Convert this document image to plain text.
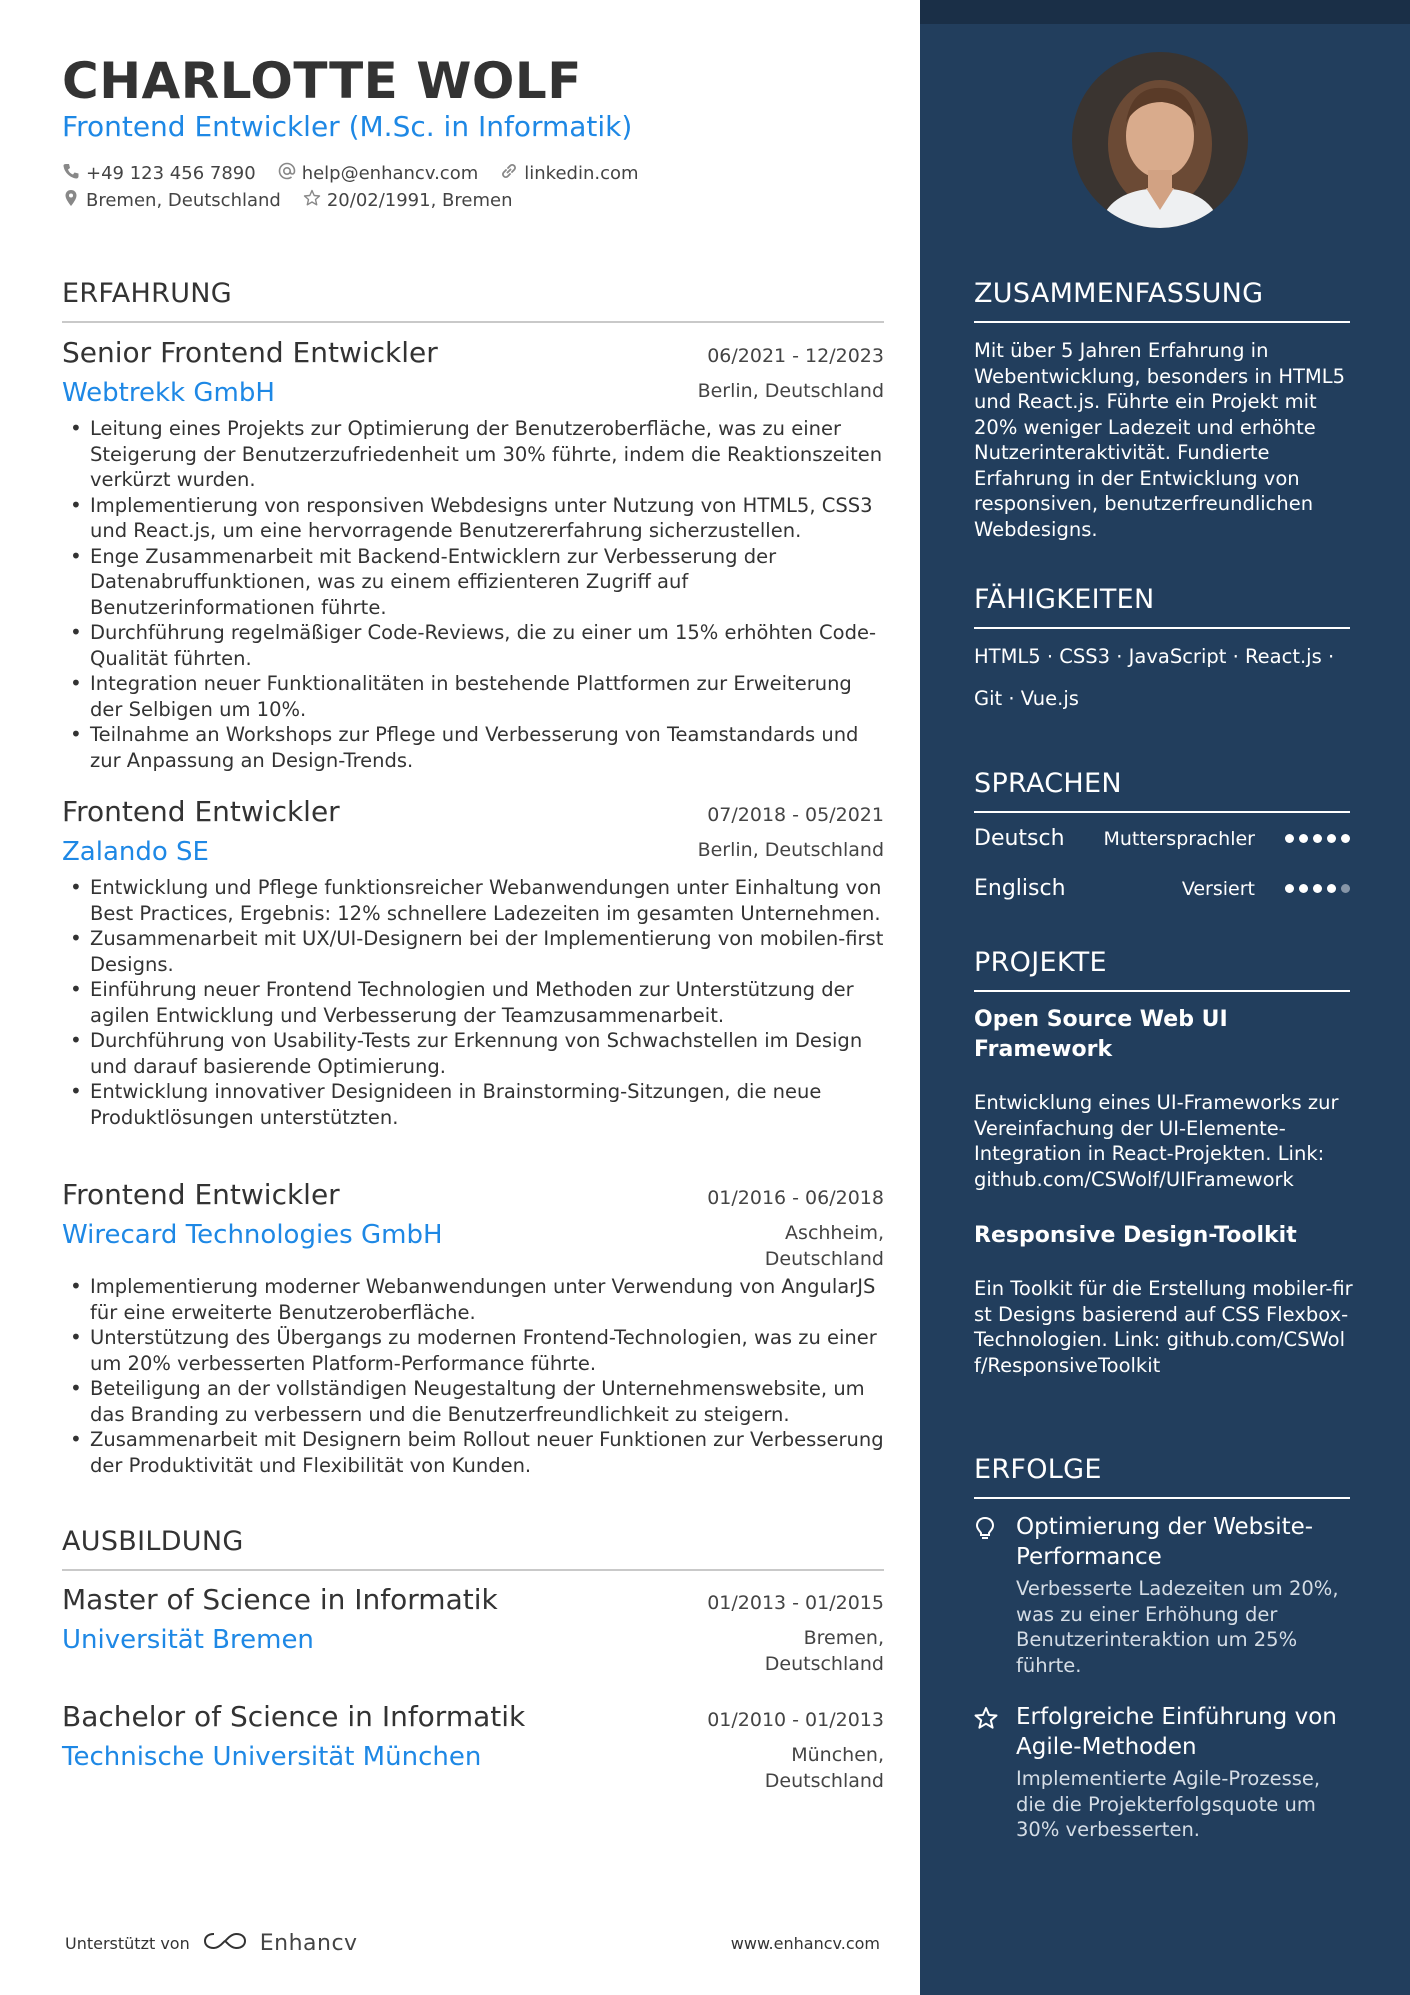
ZUSAMMENFASSUNG
Mit über 5 Jahren Erfahrung in Webentwicklung, besonders in HTML5 und React.js. Führte ein Projekt mit 20% weniger Ladezeit und erhöhte Nutzerinteraktivität. Fundierte Erfahrung in der Entwicklung von responsiven, benutzerfreundlichen Webdesigns.
FÄHIGKEITEN
HTML5 · CSS3 · JavaScript · React.js ·
Git · Vue.js
SPRACHEN
Deutsch	Muttersprachler
Englisch	Versiert
PROJEKTE
Open Source Web UI Framework
Entwicklung eines UI-Frameworks zur Vereinfachung der UI-Elemente-Integration in React-Projekten. Link: github.com/CSWolf/UIFramework
Responsive Design-Toolkit
Ein Toolkit für die Erstellung mobiler-first Designs basierend auf CSS Flexbox-Technologien. Link: github.com/CSWolf/ResponsiveToolkit
ERFOLGE
Optimierung der Website-Performance
Verbesserte Ladezeiten um 20%, was zu einer Erhöhung der Benutzerinteraktion um 25% führte.
Erfolgreiche Einführung von Agile-Methoden
Implementierte Agile-Prozesse, die die Projekterfolgsquote um 30% verbesserten.
CHARLOTTE WOLF
Frontend Entwickler (M.Sc. in Informatik)
+49 123 456 7890	help@enhancv.com	linkedin.com
Bremen, Deutschland	20/02/1991, Bremen
ERFAHRUNG
Senior Frontend Entwickler	06/2021 - 12/2023
Webtrekk GmbH	Berlin, Deutschland
• Leitung eines Projekts zur Optimierung der Benutzeroberfläche, was zu einer Steigerung der Benutzerzufriedenheit um 30% führte, indem die Reaktionszeiten verkürzt wurden.
• Implementierung von responsiven Webdesigns unter Nutzung von HTML5, CSS3 und React.js, um eine hervorragende Benutzererfahrung sicherzustellen.
• Enge Zusammenarbeit mit Backend-Entwicklern zur Verbesserung der Datenabruffunktionen, was zu einem effizienteren Zugriff auf Benutzerinformationen führte.
• Durchführung regelmäßiger Code-Reviews, die zu einer um 15% erhöhten Code-Qualität führten.
• Integration neuer Funktionalitäten in bestehende Plattformen zur Erweiterung der Selbigen um 10%.
• Teilnahme an Workshops zur Pflege und Verbesserung von Teamstandards und zur Anpassung an Design-Trends.
Frontend Entwickler	07/2018 - 05/2021
Zalando SE	Berlin, Deutschland
• Entwicklung und Pflege funktionsreicher Webanwendungen unter Einhaltung von Best Practices, Ergebnis: 12% schnellere Ladezeiten im gesamten Unternehmen.
• Zusammenarbeit mit UX/UI-Designern bei der Implementierung von mobilen-first Designs.
• Einführung neuer Frontend Technologien und Methoden zur Unterstützung der agilen Entwicklung und Verbesserung der Teamzusammenarbeit.
• Durchführung von Usability-Tests zur Erkennung von Schwachstellen im Design und darauf basierende Optimierung.
• Entwicklung innovativer Designideen in Brainstorming-Sitzungen, die neue Produktlösungen unterstützten.
Frontend Entwickler	01/2016 - 06/2018
Wirecard Technologies GmbH	Aschheim,
Deutschland
• Implementierung moderner Webanwendungen unter Verwendung von AngularJS für eine erweiterte Benutzeroberfläche.
• Unterstützung des Übergangs zu modernen Frontend-Technologien, was zu einer um 20% verbesserten Platform-Performance führte.
• Beteiligung an der vollständigen Neugestaltung der Unternehmenswebsite, um das Branding zu verbessern und die Benutzerfreundlichkeit zu steigern.
• Zusammenarbeit mit Designern beim Rollout neuer Funktionen zur Verbesserung der Produktivität und Flexibilität von Kunden.
AUSBILDUNG
Master of Science in Informatik	01/2013 - 01/2015
Universität Bremen	Bremen,
Deutschland
Bachelor of Science in Informatik	01/2010 - 01/2013
Technische Universität München	München,
Deutschland
Unterstützt von	Enhancv	www.enhancv.com
